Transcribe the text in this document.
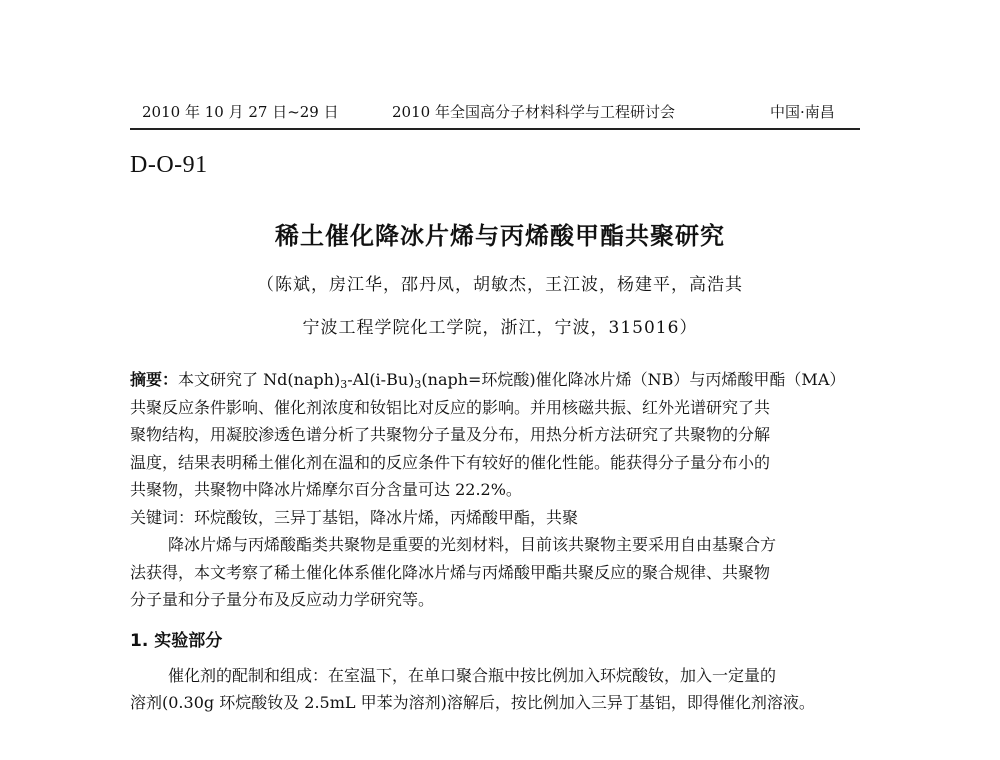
2010 年 10 月 27 日~29 日	2010 年全国高分子材料科学与工程研讨会	中国·南昌
D-O-91
稀土催化降冰片烯与丙烯酸甲酯共聚研究
（陈斌，房江华，邵丹凤，胡敏杰，王江波，杨建平，高浩其
宁波工程学院化工学院，浙江，宁波，315016）
摘要：本文研究了 $Nd(naph)_3-Al(i-Bu)_3(naph=$环烷酸)催化降冰片烯（NB）与丙烯酸甲酯（MA）
共聚反应条件影响、催化剂浓度和钕铝比对反应的影响。并用核磁共振、红外光谱研究了共
聚物结构，用凝胶渗透色谱分析了共聚物分子量及分布，用热分析方法研究了共聚物的分解
温度，结果表明稀土催化剂在温和的反应条件下有较好的催化性能。能获得分子量分布小的
共聚物，共聚物中降冰片烯摩尔百分含量可达 22.2%。
关键词：环烷酸钕，三异丁基铝，降冰片烯，丙烯酸甲酯，共聚
降冰片烯与丙烯酸酯类共聚物是重要的光刻材料，目前该共聚物主要采用自由基聚合方
法获得，本文考察了稀土催化体系催化降冰片烯与丙烯酸甲酯共聚反应的聚合规律、共聚物
分子量和分子量分布及反应动力学研究等。
1. 实验部分
催化剂的配制和组成：在室温下，在单口聚合瓶中按比例加入环烷酸钕，加入一定量的
溶剂(0.30g 环烷酸钕及 2.5mL 甲苯为溶剂)溶解后，按比例加入三异丁基铝，即得催化剂溶液。
